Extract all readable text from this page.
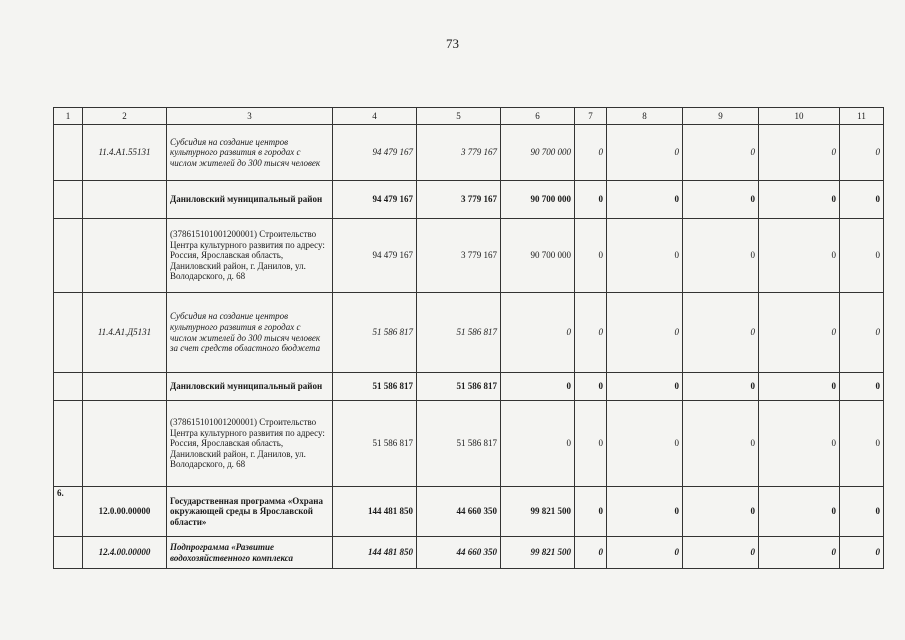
73
1	2	3	4	5	6	7	8	9	10	11
	11.4.А1.55131	Субсидия на создание центров культурного развития в городах с числом жителей до 300 тысяч человек	94 479 167	3 779 167	90 700 000	0	0	0	0	0
		Даниловский муниципальный район	94 479 167	3 779 167	90 700 000	0	0	0	0	0
		(378615101001200001) Строительство Центра культурного развития по адресу: Россия, Ярославская область, Даниловский район, г. Данилов, ул. Володарского, д. 68	94 479 167	3 779 167	90 700 000	0	0	0	0	0
	11.4.А1.Д5131	Субсидия на создание центров культурного развития в городах с числом жителей до 300 тысяч человек за счет средств областного бюджета	51 586 817	51 586 817	0	0	0	0	0	0
		Даниловский муниципальный район	51 586 817	51 586 817	0	0	0	0	0	0
		(378615101001200001) Строительство Центра культурного развития по адресу: Россия, Ярославская область, Даниловский район, г. Данилов, ул. Володарского, д. 68	51 586 817	51 586 817	0	0	0	0	0	0
6.	12.0.00.00000	Государственная программа «Охрана окружающей среды в Ярославской области»	144 481 850	44 660 350	99 821 500	0	0	0	0	0
	12.4.00.00000	Подпрограмма «Развитие водохозяйственного комплекса	144 481 850	44 660 350	99 821 500	0	0	0	0	0
